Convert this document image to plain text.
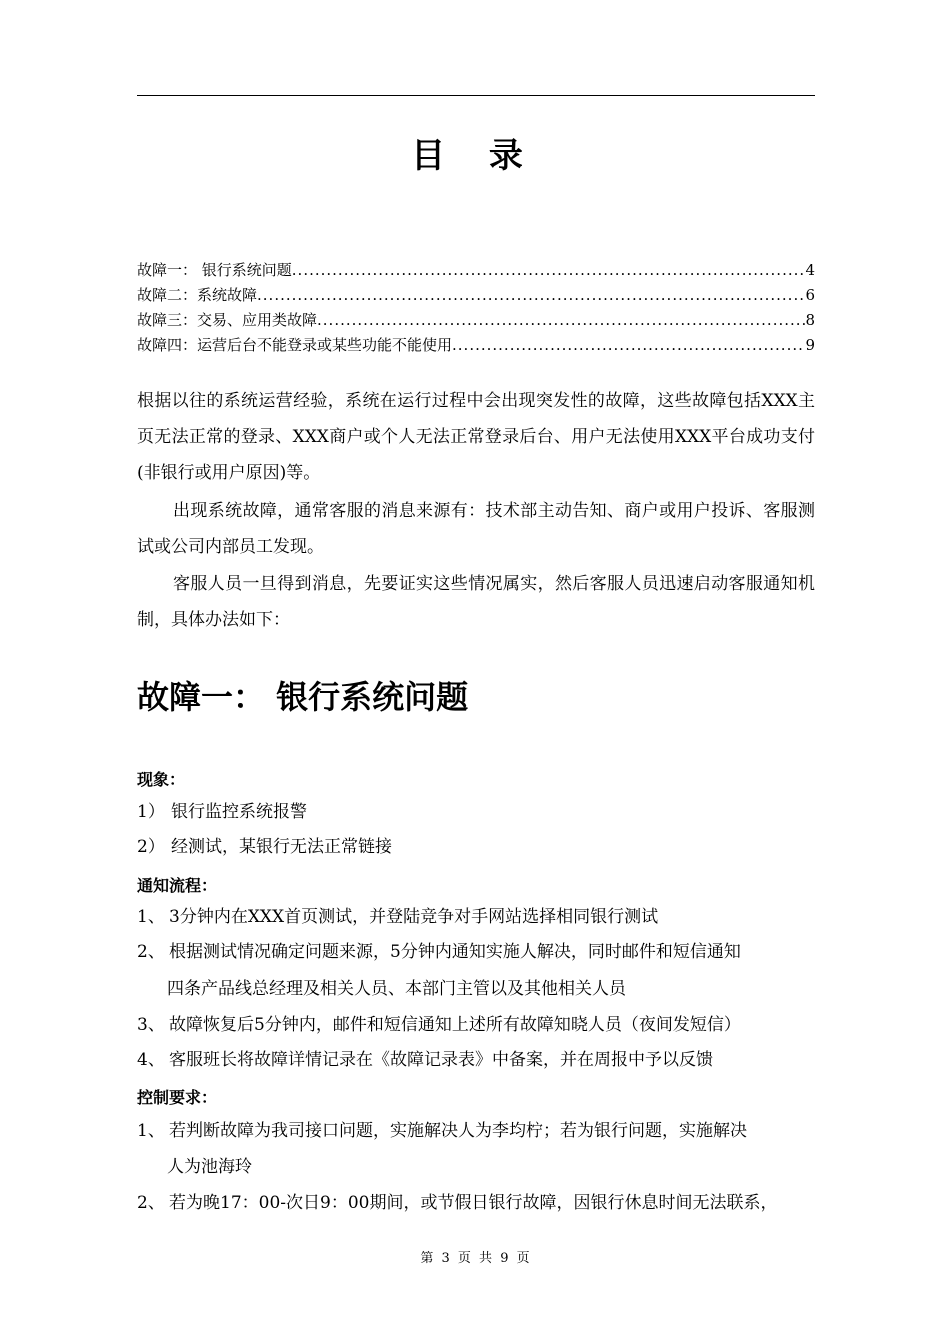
目 录
故障一： 银行系统问题 .....	4
故障二：系统故障 .....	6
故障三：交易、应用类故障 .....	8
故障四：运营后台不能登录或某些功能不能使用 .....	9
根据以往的系统运营经验，系统在运行过程中会出现突发性的故障，这些故障包括XXX主页无法正常的登录、XXX商户或个人无法正常登录后台、用户无法使用XXX平台成功支付(非银行或用户原因)等。
出现系统故障，通常客服的消息来源有：技术部主动告知、商户或用户投诉、客服测试或公司内部员工发现。
客服人员一旦得到消息，先要证实这些情况属实，然后客服人员迅速启动客服通知机制，具体办法如下：
故障一： 银行系统问题
现象：
1） 银行监控系统报警
2） 经测试，某银行无法正常链接
通知流程：
1、 3分钟内在XXX首页测试，并登陆竞争对手网站选择相同银行测试
2、 根据测试情况确定问题来源，5分钟内通知实施人解决，同时邮件和短信通知
四条产品线总经理及相关人员、本部门主管以及其他相关人员
3、 故障恢复后5分钟内，邮件和短信通知上述所有故障知晓人员（夜间发短信）
4、 客服班长将故障详情记录在《故障记录表》中备案，并在周报中予以反馈
控制要求：
1、 若判断故障为我司接口问题，实施解决人为李均柠；若为银行问题，实施解决
人为池海玲
2、 若为晚17：00-次日9：00期间，或节假日银行故障，因银行休息时间无法联系，
第 3 页 共 9 页
